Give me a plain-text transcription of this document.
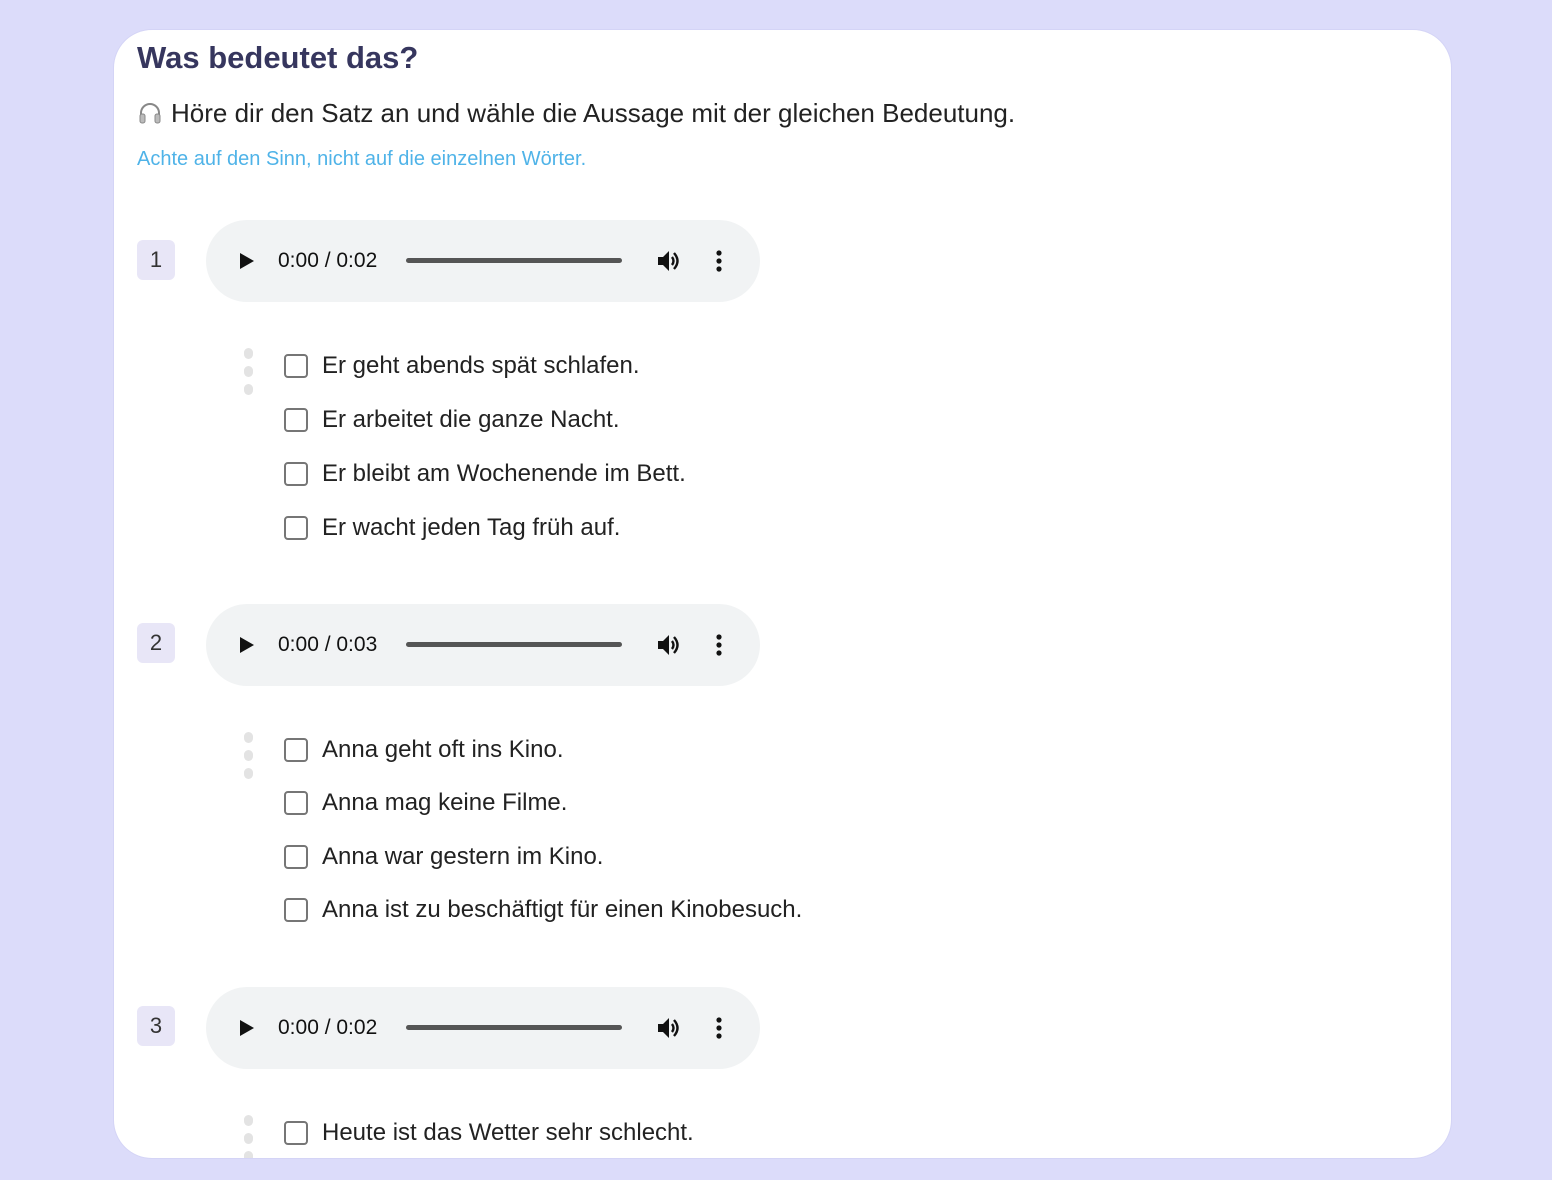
Was bedeutet das?
Höre dir den Satz an und wähle die Aussage mit der gleichen Bedeutung.
Achte auf den Sinn, nicht auf die einzelnen Wörter.
1	0:00 / 0:02
Er geht abends spät schlafen.
Er arbeitet die ganze Nacht.
Er bleibt am Wochenende im Bett.
Er wacht jeden Tag früh auf.
2	0:00 / 0:03
Anna geht oft ins Kino.
Anna mag keine Filme.
Anna war gestern im Kino.
Anna ist zu beschäftigt für einen Kinobesuch.
3	0:00 / 0:02
Heute ist das Wetter sehr schlecht.
